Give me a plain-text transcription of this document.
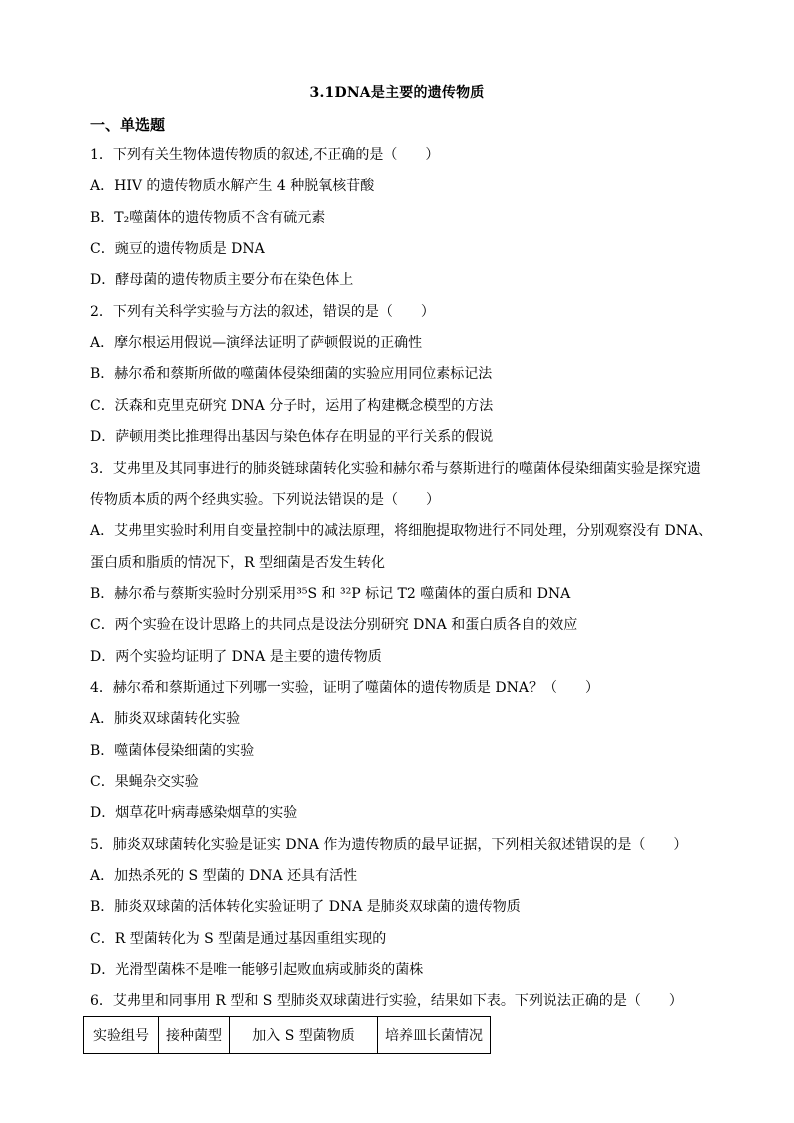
3.1DNA是主要的遗传物质
一、单选题
1．下列有关生物体遗传物质的叙述,不正确的是（　　）
A．HIV 的遗传物质水解产生 4 种脱氧核苷酸
B．T₂噬菌体的遗传物质不含有硫元素
C．豌豆的遗传物质是 DNA
D．酵母菌的遗传物质主要分布在染色体上
2．下列有关科学实验与方法的叙述，错误的是（　　）
A．摩尔根运用假说—演绎法证明了萨顿假说的正确性
B．赫尔希和蔡斯所做的噬菌体侵染细菌的实验应用同位素标记法
C．沃森和克里克研究 DNA 分子时，运用了构建概念模型的方法
D．萨顿用类比推理得出基因与染色体存在明显的平行关系的假说
3．艾弗里及其同事进行的肺炎链球菌转化实验和赫尔希与蔡斯进行的噬菌体侵染细菌实验是探究遗
传物质本质的两个经典实验。下列说法错误的是（　　）
A．艾弗里实验时利用自变量控制中的减法原理，将细胞提取物进行不同处理，分别观察没有 DNA、
蛋白质和脂质的情况下，R 型细菌是否发生转化
B．赫尔希与蔡斯实验时分别采用³⁵S 和 ³²P 标记 T2 噬菌体的蛋白质和 DNA
C．两个实验在设计思路上的共同点是设法分别研究 DNA 和蛋白质各自的效应
D．两个实验均证明了 DNA 是主要的遗传物质
4．赫尔希和蔡斯通过下列哪一实验，证明了噬菌体的遗传物质是 DNA？（　　）
A．肺炎双球菌转化实验
B．噬菌体侵染细菌的实验
C．果蝇杂交实验
D．烟草花叶病毒感染烟草的实验
5．肺炎双球菌转化实验是证实 DNA 作为遗传物质的最早证据，下列相关叙述错误的是（　　）
A．加热杀死的 S 型菌的 DNA 还具有活性
B．肺炎双球菌的活体转化实验证明了 DNA 是肺炎双球菌的遗传物质
C．R 型菌转化为 S 型菌是通过基因重组实现的
D．光滑型菌株不是唯一能够引起败血病或肺炎的菌株
6．艾弗里和同事用 R 型和 S 型肺炎双球菌进行实验，结果如下表。下列说法正确的是（　　）
实验组号	接种菌型	加入 S 型菌物质	培养皿长菌情况
